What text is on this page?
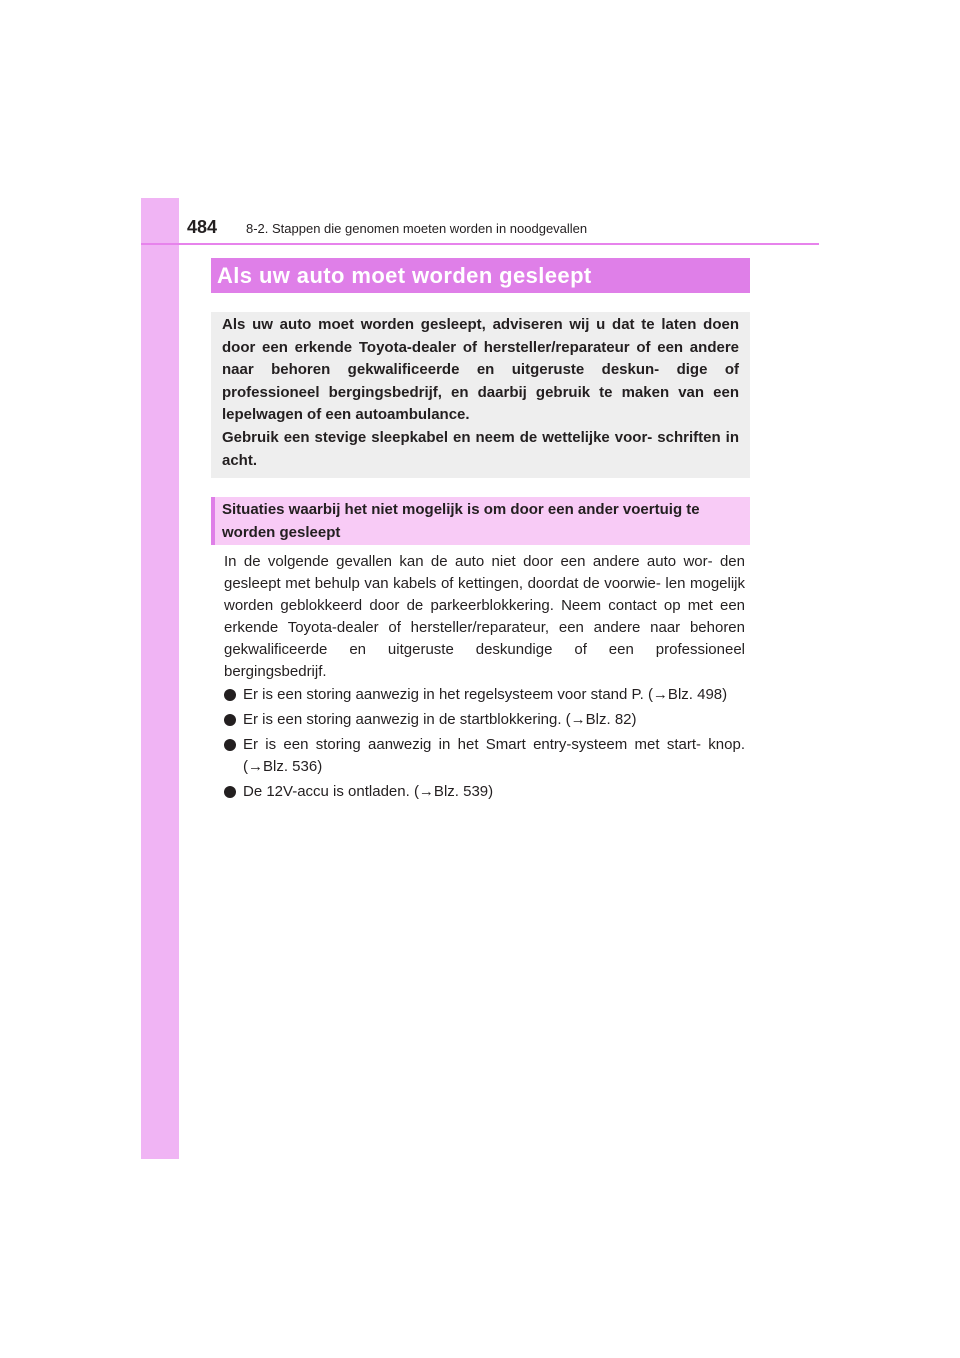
484 8-2. Stappen die genomen moeten worden in noodgevallen
Als uw auto moet worden gesleept

Als uw auto moet worden gesleept, adviseren wij u dat te laten doen door een erkende Toyota-dealer of hersteller/reparateur of een andere naar behoren gekwalificeerde en uitgeruste deskun- dige of professioneel bergingsbedrijf, en daarbij gebruik te maken van een lepelwagen of een autoambulance.

Gebruik een stevige sleepkabel en neem de wettelijke voor- schriften in acht.

Situaties waarbij het niet mogelijk is om door een ander voertuig te worden gesleept

In de volgende gevallen kan de auto niet door een andere auto wor- den gesleept met behulp van kabels of kettingen, doordat de voorwie- len mogelijk worden geblokkeerd door de parkeerblokkering. Neem contact op met een erkende Toyota-dealer of hersteller/reparateur, een andere naar behoren gekwalificeerde en uitgeruste deskundige of een professioneel bergingsbedrijf.

Er is een storing aanwezig in het regelsysteem voor stand P. (→Blz. 498)
Er is een storing aanwezig in de startblokkering. (→Blz. 82)
Er is een storing aanwezig in het Smart entry-systeem met start- knop. (→Blz. 536)
De 12V-accu is ontladen. (→Blz. 539)
